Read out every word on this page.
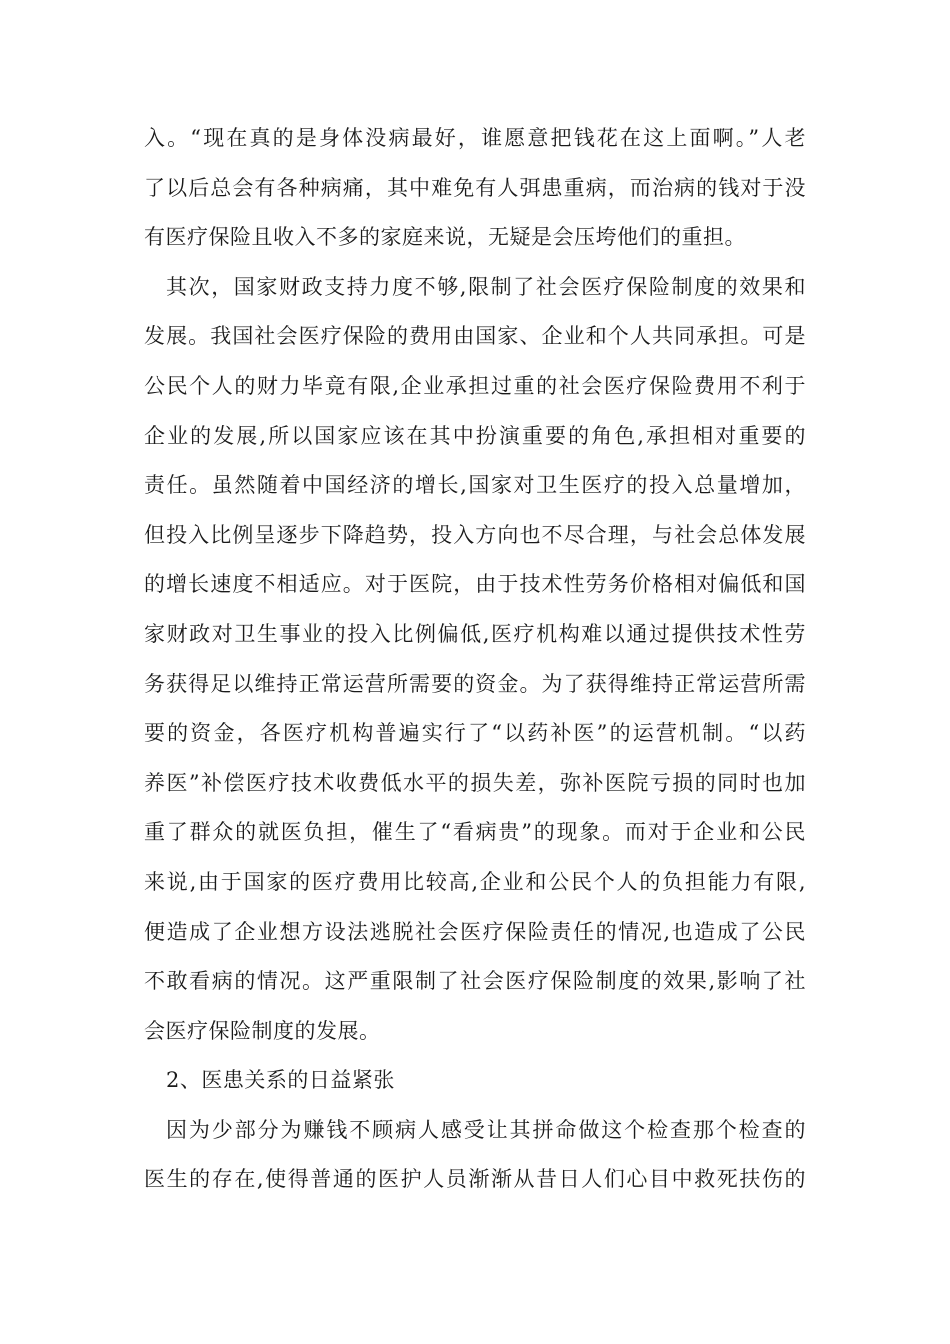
入。“现在真的是身体没病最好，谁愿意把钱花在这上面啊。”人老
了以后总会有各种病痛，其中难免有人弭患重病，而治病的钱对于没
有医疗保险且收入不多的家庭来说，无疑是会压垮他们的重担。
其次，国家财政支持力度不够,限制了社会医疗保险制度的效果和
发展。我国社会医疗保险的费用由国家、企业和个人共同承担。可是
公民个人的财力毕竟有限,企业承担过重的社会医疗保险费用不利于
企业的发展,所以国家应该在其中扮演重要的角色,承担相对重要的
责任。虽然随着中国经济的增长,国家对卫生医疗的投入总量增加，
但投入比例呈逐步下降趋势，投入方向也不尽合理，与社会总体发展
的增长速度不相适应。对于医院，由于技术性劳务价格相对偏低和国
家财政对卫生事业的投入比例偏低,医疗机构难以通过提供技术性劳
务获得足以维持正常运营所需要的资金。为了获得维持正常运营所需
要的资金，各医疗机构普遍实行了“以药补医”的运营机制。“以药
养医”补偿医疗技术收费低水平的损失差，弥补医院亏损的同时也加
重了群众的就医负担，催生了“看病贵”的现象。而对于企业和公民
来说,由于国家的医疗费用比较高,企业和公民个人的负担能力有限,
便造成了企业想方设法逃脱社会医疗保险责任的情况,也造成了公民
不敢看病的情况。这严重限制了社会医疗保险制度的效果,影响了社
会医疗保险制度的发展。
2、医患关系的日益紧张
因为少部分为赚钱不顾病人感受让其拼命做这个检查那个检查的
医生的存在,使得普通的医护人员渐渐从昔日人们心目中救死扶伤的
